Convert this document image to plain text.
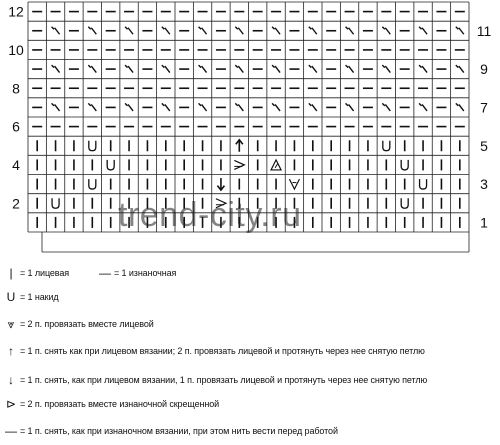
2
4
6
8
10
12
1
3
5
7
9
11
| = 1 лицевая — = 1 изнаночная
U = 1 накид
⩔ = 2 п. провязать вместе лицевой
↑ = 1 п. снять как при лицевом вязании; 2 п. провязать лицевой и протянуть через нее снятую петлю
↓ = 1 п. снять, как при лицевом вязании, 1 п. провязать лицевой и протянуть через нее снятую петлю
⊳ = 2 п. провязать вместе изнаночной скрещенной
— = 1 п. снять, как при изнаночном вязании, при этом нить вести перед работой
trend-city.ru
